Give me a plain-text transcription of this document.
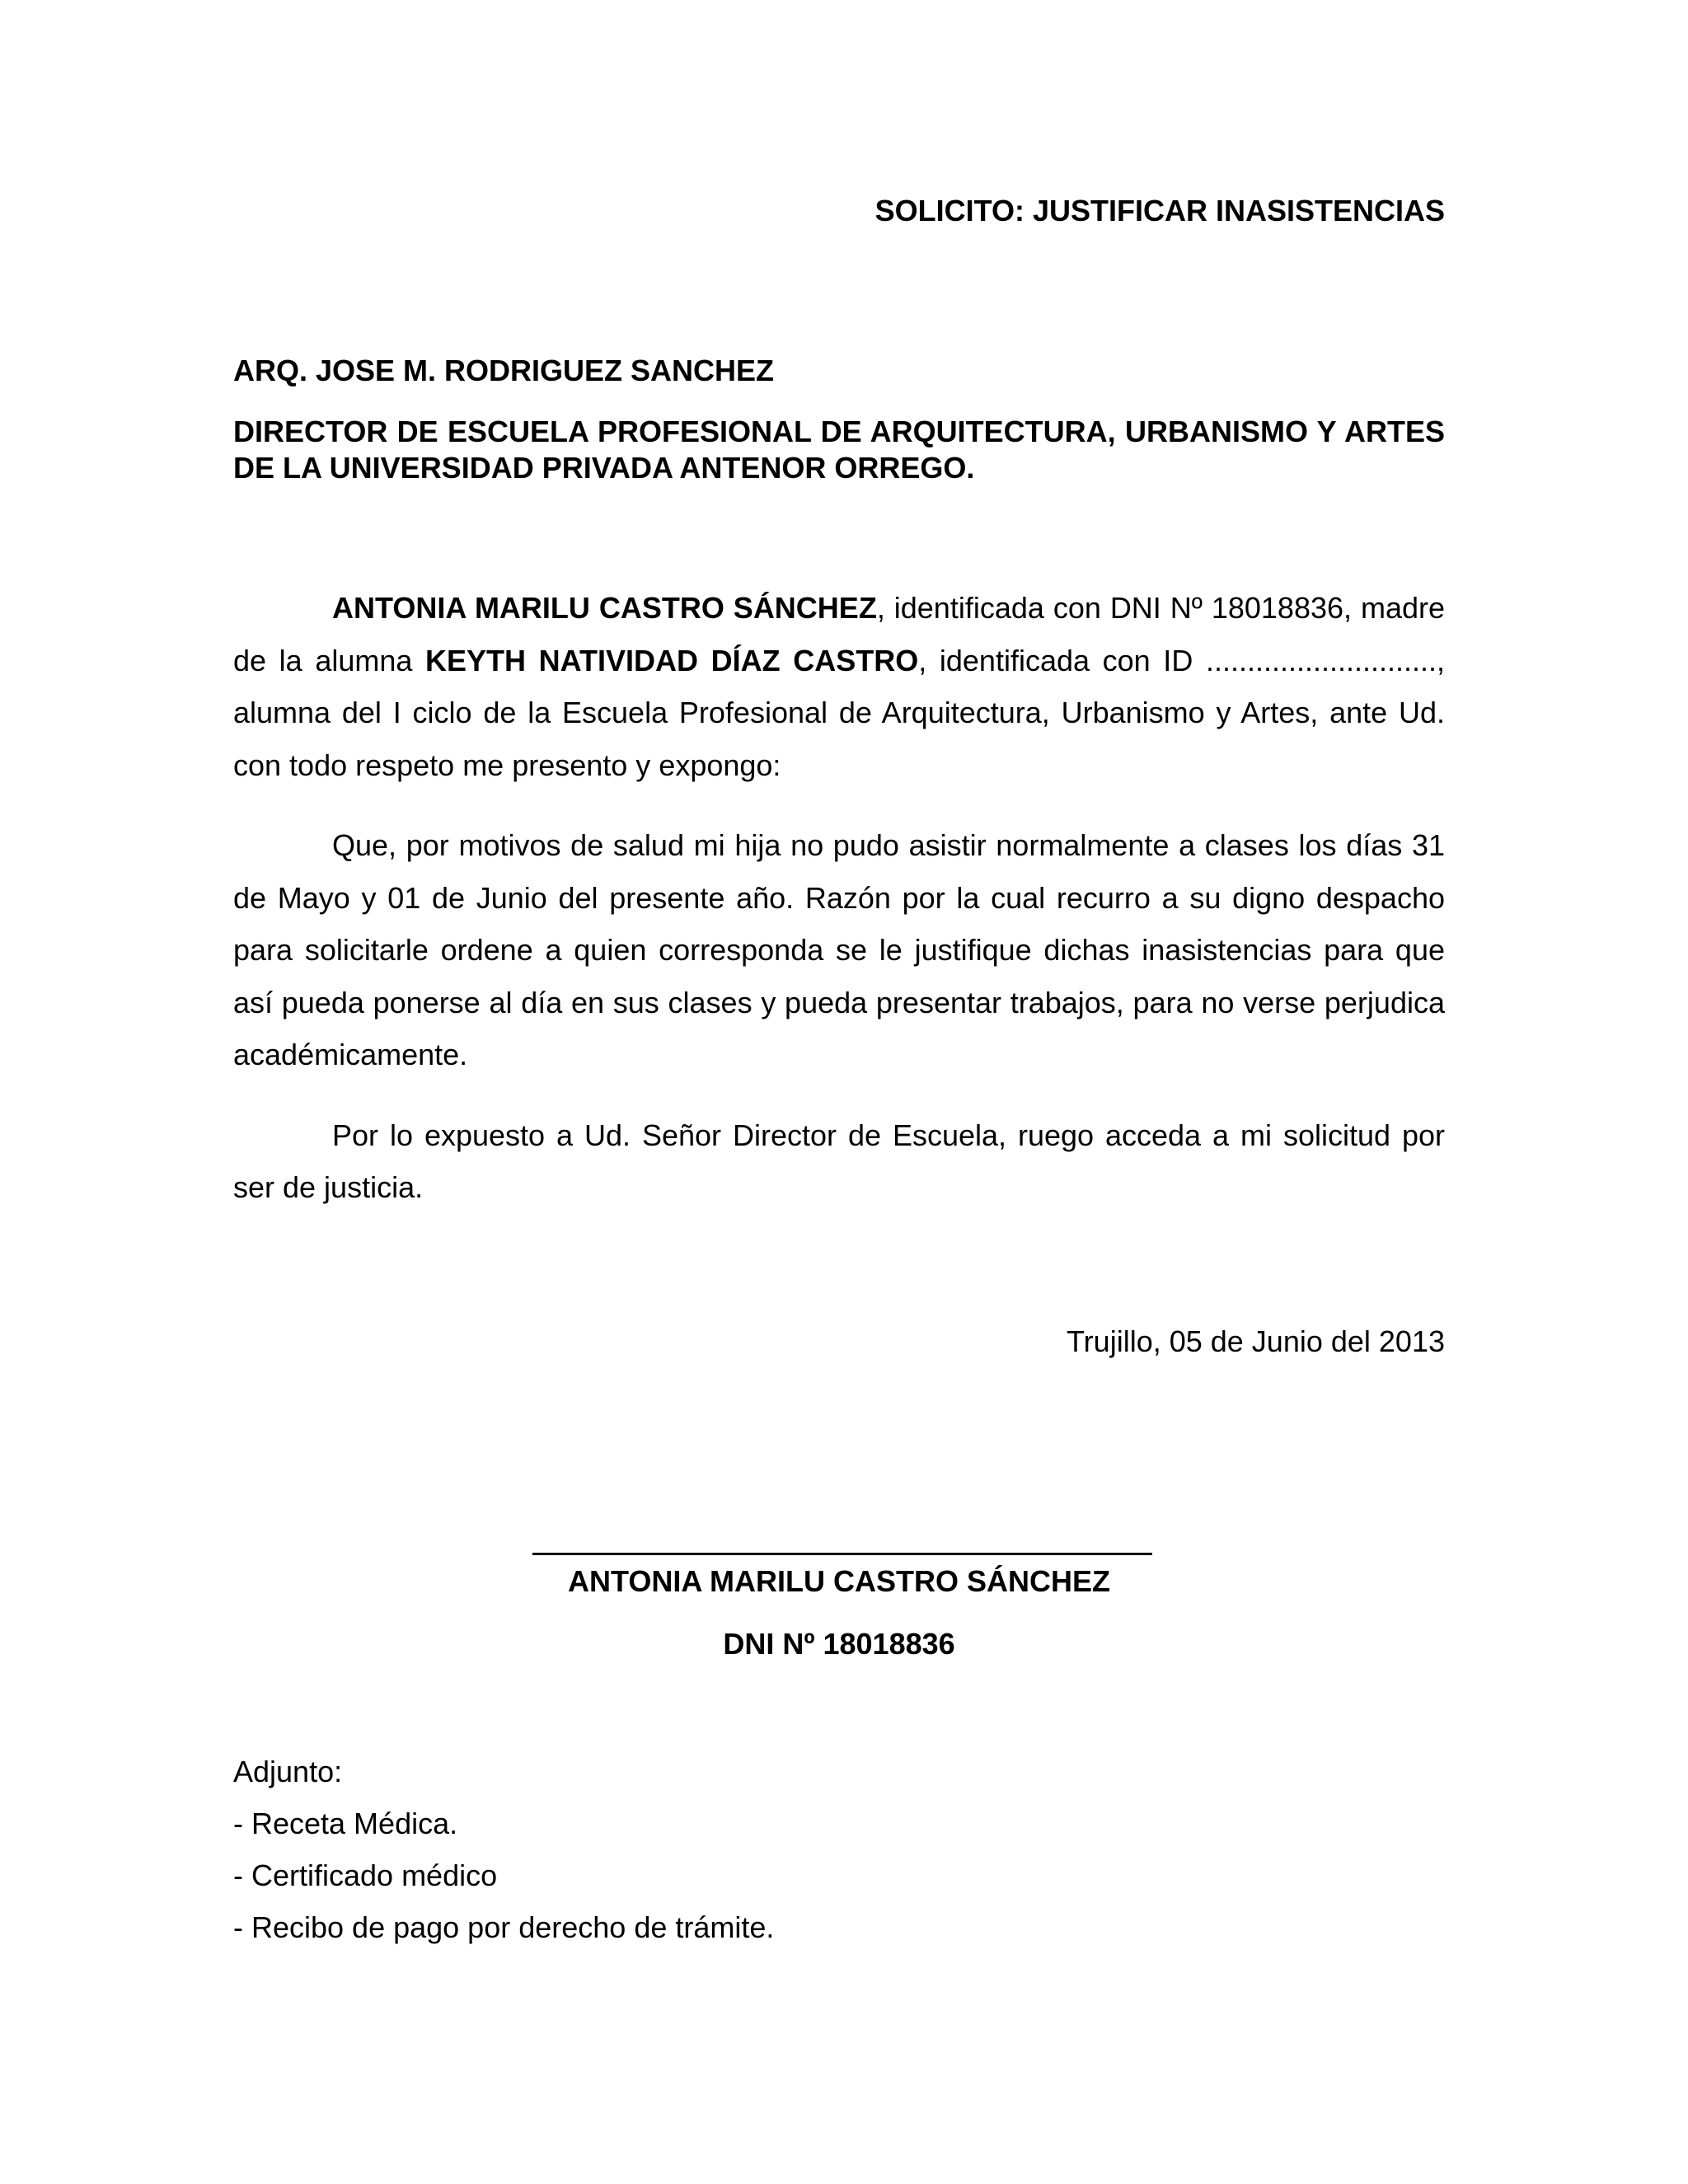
SOLICITO: JUSTIFICAR INASISTENCIAS
ARQ. JOSE M. RODRIGUEZ SANCHEZ
DIRECTOR DE ESCUELA PROFESIONAL DE ARQUITECTURA, URBANISMO Y ARTES DE LA UNIVERSIDAD PRIVADA ANTENOR ORREGO.

ANTONIA MARILU CASTRO SÁNCHEZ, identificada con DNI Nº 18018836, madre de la alumna KEYTH NATIVIDAD DÍAZ CASTRO, identificada con ID ............................, alumna del I ciclo de la Escuela Profesional de Arquitectura, Urbanismo y Artes, ante Ud. con todo respeto me presento y expongo:

Que, por motivos de salud mi hija no pudo asistir normalmente a clases los días 31 de Mayo y 01 de Junio del presente año. Razón por la cual recurro a su digno despacho para solicitarle ordene a quien corresponda se le justifique dichas inasistencias para que así pueda ponerse al día en sus clases y pueda presentar trabajos, para no verse perjudica académicamente.

Por lo expuesto a Ud. Señor Director de Escuela, ruego acceda a mi solicitud por ser de justicia.

Trujillo, 05 de Junio del 2013
ANTONIA MARILU CASTRO SÁNCHEZ
DNI Nº 18018836
Adjunto:
- Receta Médica.
- Certificado médico
- Recibo de pago por derecho de trámite.
